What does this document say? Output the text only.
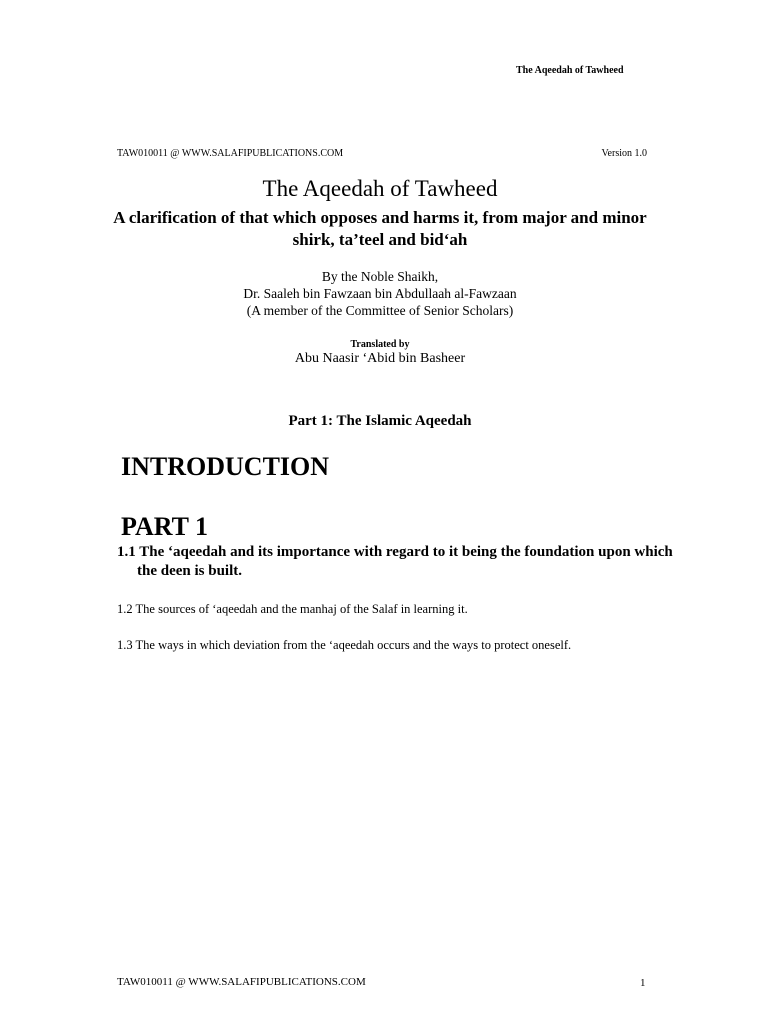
The Aqeedah of Tawheed
TAW010011 @ WWW.SALAFIPUBLICATIONS.COM	Version 1.0
The Aqeedah of Tawheed
A clarification of that which opposes and harms it, from major and minor shirk, ta’teel and bid‘ah
By the Noble Shaikh,
Dr. Saaleh bin Fawzaan bin Abdullaah al-Fawzaan
(A member of the Committee of Senior Scholars)
Translated by
Abu Naasir ‘Abid bin Basheer
Part 1: The Islamic Aqeedah
INTRODUCTION
PART 1
1.1 The ‘aqeedah and its importance with regard to it being the foundation upon which the deen is built.
1.2 The sources of ‘aqeedah and the manhaj of the Salaf in learning it.
1.3 The ways in which deviation from the ‘aqeedah occurs and the ways to protect oneself.
TAW010011 @ WWW.SALAFIPUBLICATIONS.COM	1
